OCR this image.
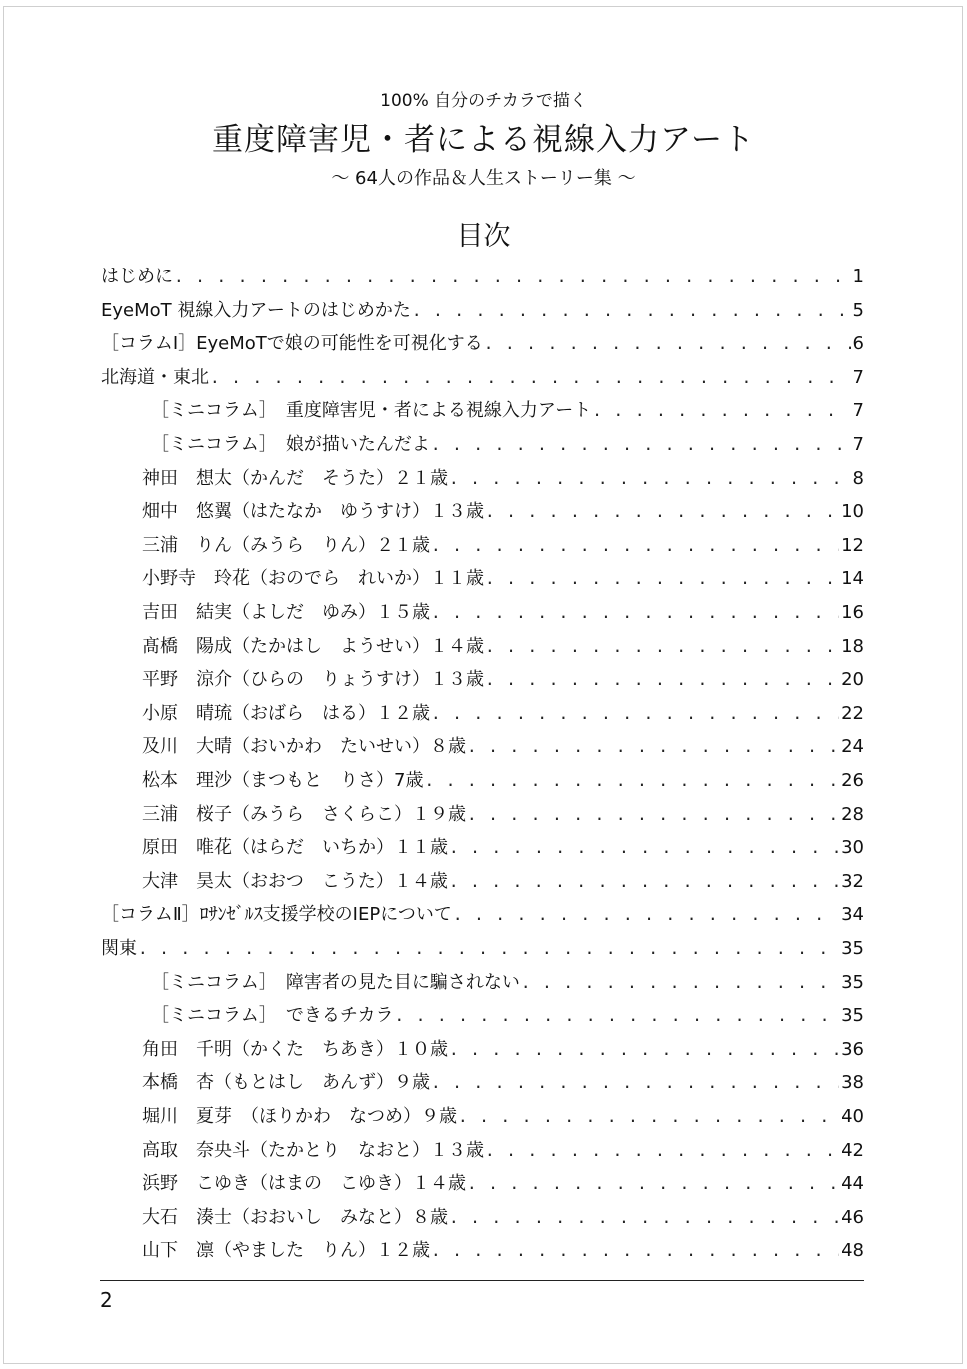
100% 自分のチカラで描く
重度障害児・者による視線入力アート
～ 64人の作品＆人生ストーリー集 ～
目次
はじめに . . .	1
EyeMoT 視線入力アートのはじめかた . . .	5
［コラムⅠ］EyeMoTで娘の可能性を可視化する . . .	6
北海道・東北 . . .	7
［ミニコラム］　重度障害児・者による視線入力アート . . .	7
［ミニコラム］　娘が描いたんだよ . . .	7
神田　想太（かんだ　そうた）２１歳 . . .	8
畑中　悠翼（はたなか　ゆうすけ）１３歳 . . .	10
三浦　りん（みうら　りん）２１歳 . . .	12
小野寺　玲花（おのでら　れいか）１１歳 . . .	14
吉田　結実（よしだ　ゆみ）１５歳 . . .	16
髙橋　陽成（たかはし　ようせい）１４歳 . . .	18
平野　涼介（ひらの　りょうすけ）１３歳 . . .	20
小原　晴琉（おばら　はる）１２歳 . . .	22
及川　大晴（おいかわ　たいせい）８歳 . . .	24
松本　理沙（まつもと　りさ）7歳 . . .	26
三浦　桜子（みうら　さくらこ）１９歳 . . .	28
原田　唯花（はらだ　いちか）１１歳 . . .	30
大津　昊太（おおつ　こうた）１４歳 . . .	32
［コラムⅡ］ﾛｻﾝｾﾞﾙｽ支援学校のIEPについて . . .	34
関東 . . .	35
［ミニコラム］　障害者の見た目に騙されない . . .	35
［ミニコラム］　できるチカラ . . .	35
角田　千明（かくた　ちあき）１０歳 . . .	36
本橋　杏（もとはし　あんず）９歳 . . .	38
堀川　夏芽　（ほりかわ　なつめ）９歳 . . .	40
高取　奈央斗（たかとり　なおと）１３歳 . . .	42
浜野　こゆき（はまの　こゆき）１４歳 . . .	44
大石　湊士（おおいし　みなと）８歳 . . .	46
山下　凛（やました　りん）１２歳 . . .	48
2
